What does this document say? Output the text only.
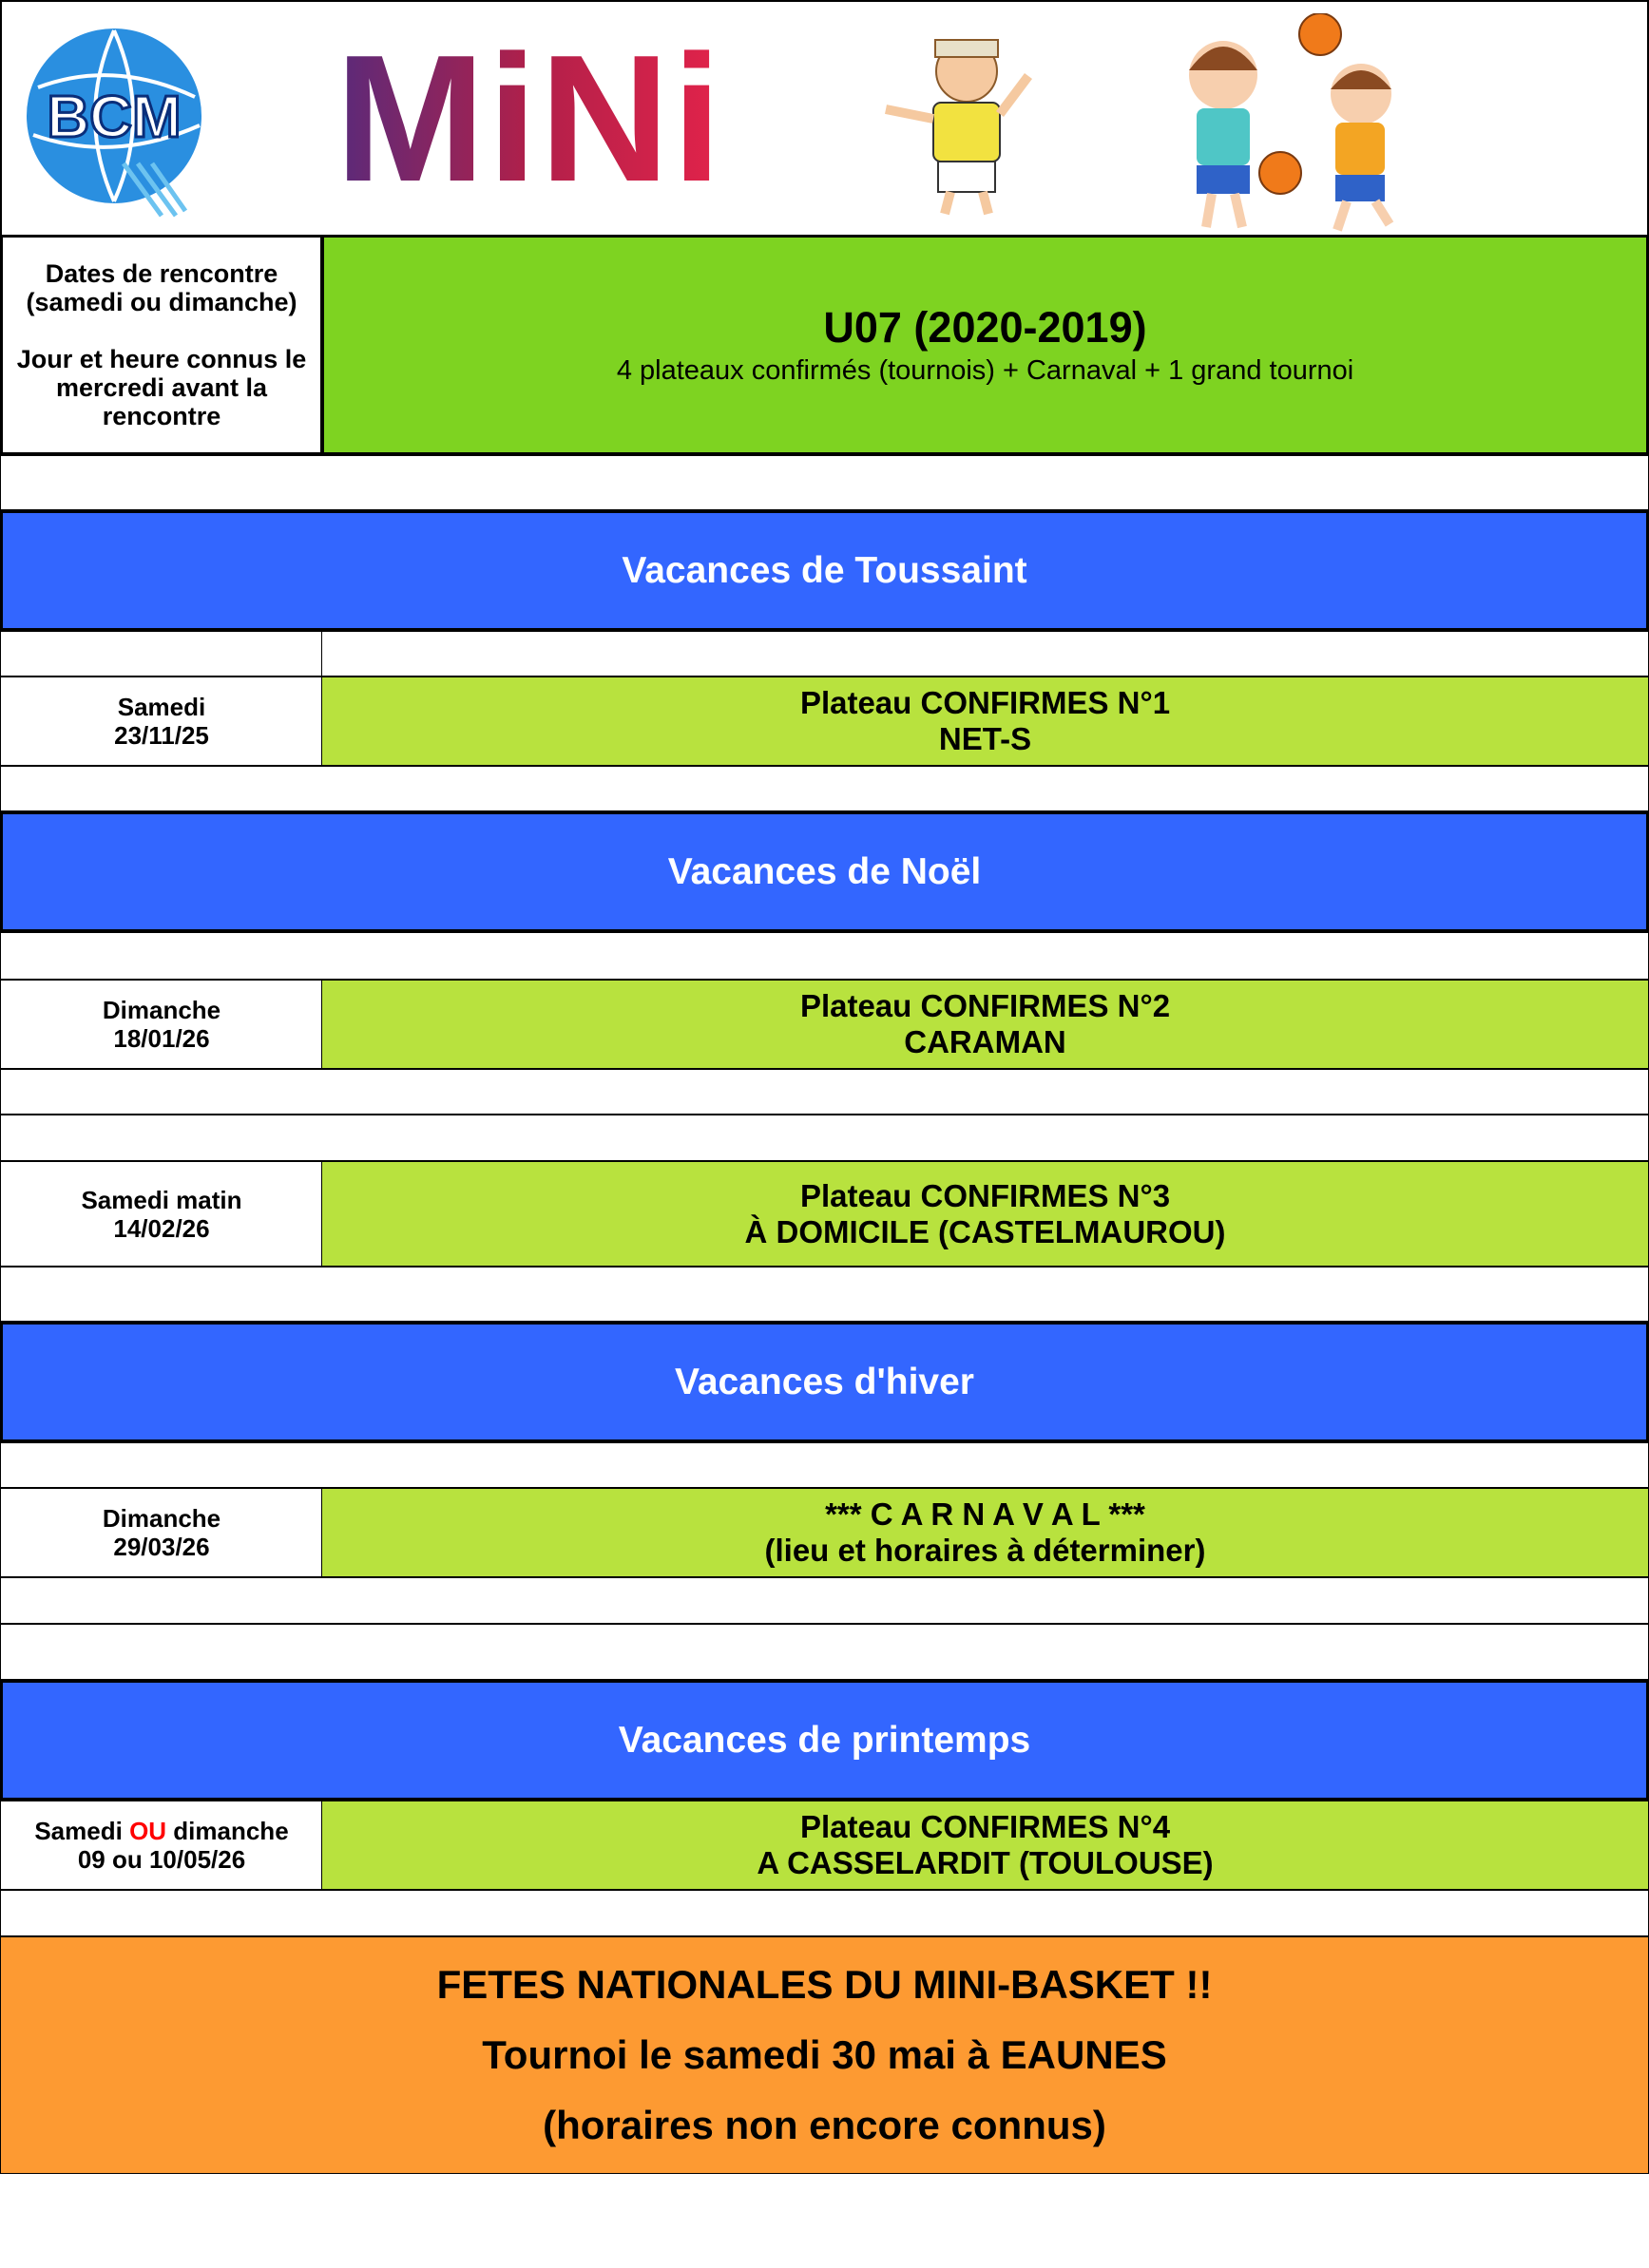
BCM MiNi
Dates de rencontre
(samedi ou dimanche)
Jour et heure connus le
mercredi avant la
rencontre
U07 (2020-2019)
4 plateaux confirmés (tournois) + Carnaval + 1 grand tournoi
Vacances de Toussaint
Samedi
23/11/25
Plateau CONFIRMES N°1
NET-S
Vacances de Noël
Dimanche
18/01/26
Plateau CONFIRMES N°2
CARAMAN
Samedi matin
14/02/26
Plateau CONFIRMES N°3
À DOMICILE (CASTELMAUROU)
Vacances d'hiver
Dimanche
29/03/26
*** C A R N A V A L ***
(lieu et horaires à déterminer)
Vacances de printemps
Samedi OU dimanche
09 ou 10/05/26
Plateau CONFIRMES N°4
A CASSELARDIT (TOULOUSE)
FETES NATIONALES DU MINI-BASKET !!
Tournoi le samedi 30 mai à EAUNES
(horaires non encore connus)
